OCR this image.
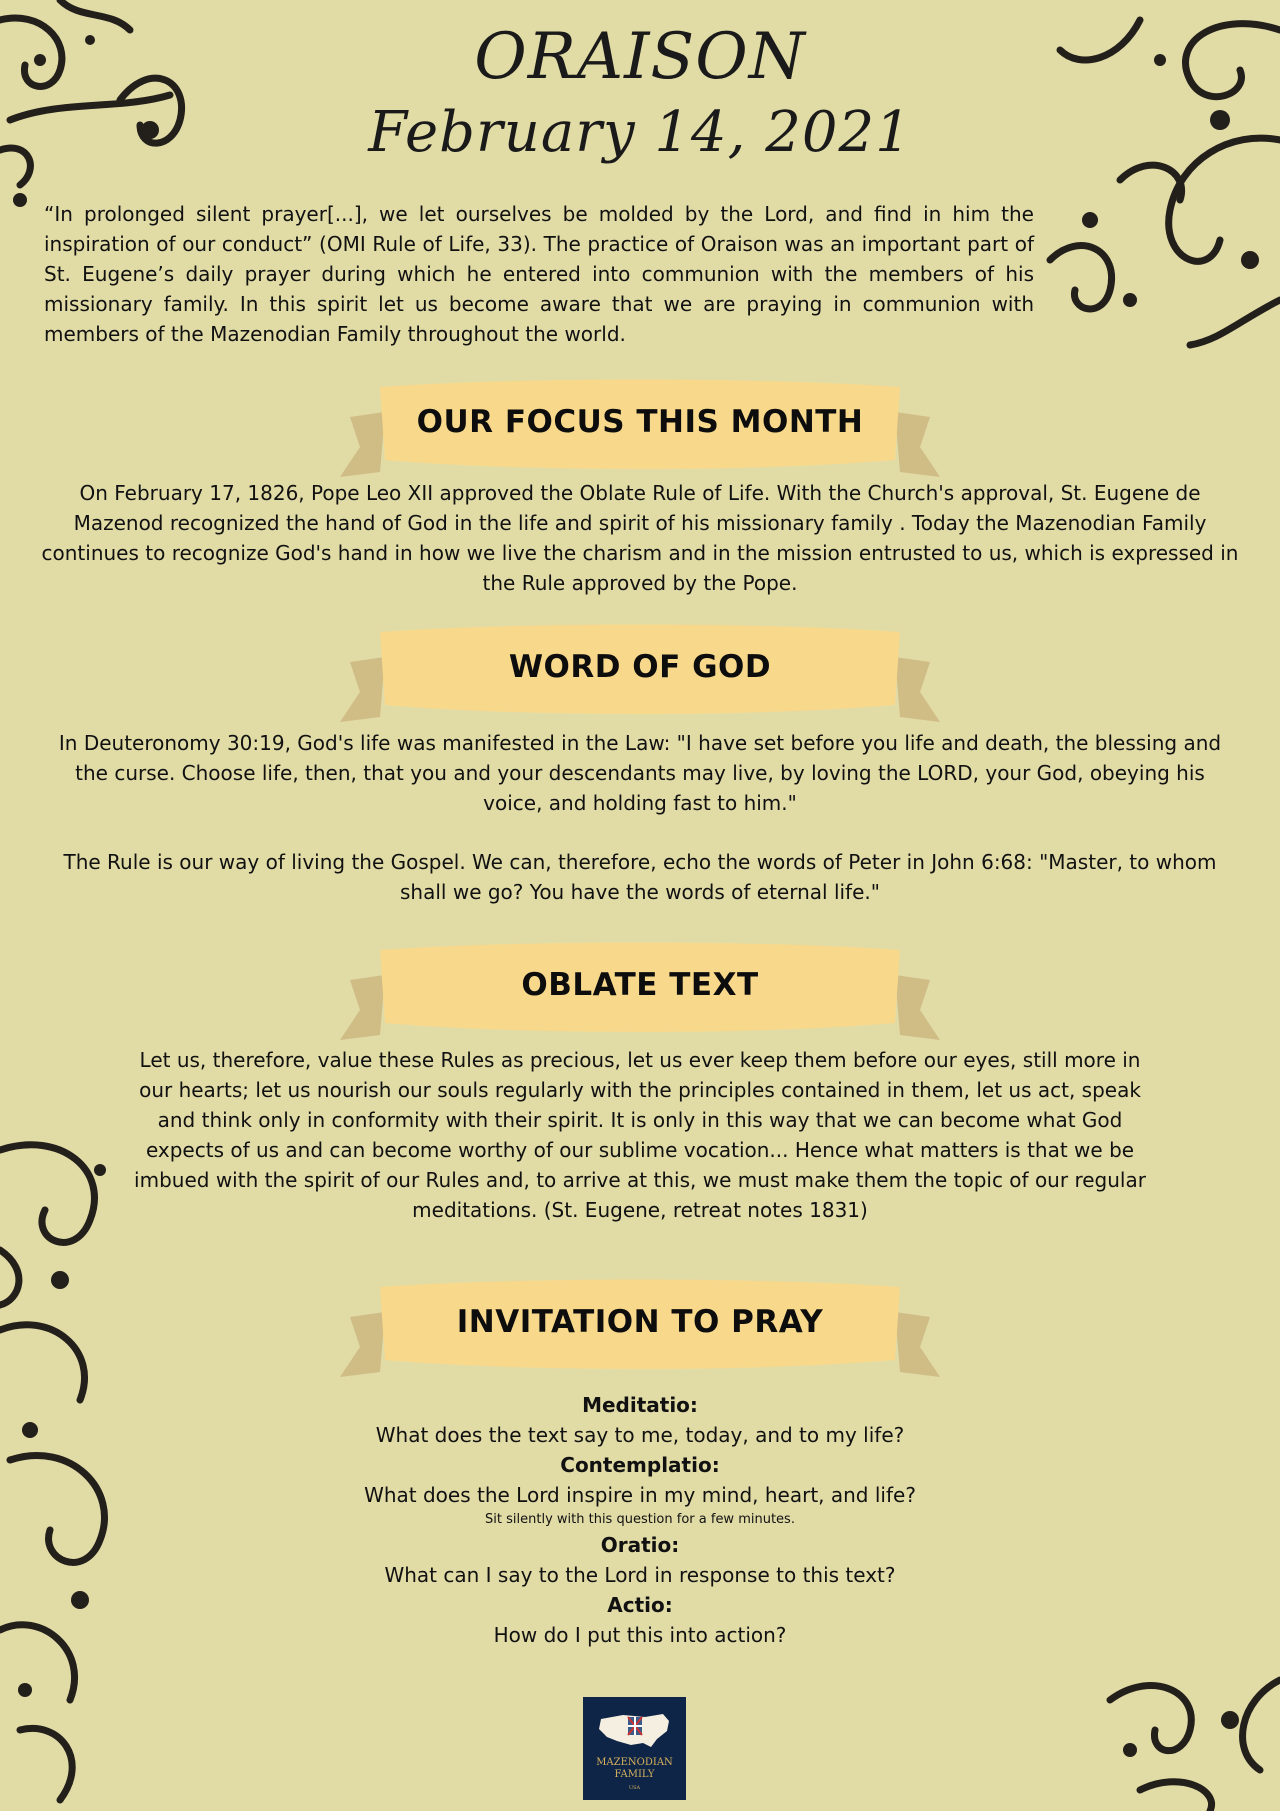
ORAISON
February 14, 2021

“In prolonged silent prayer[...], we let ourselves be molded by the Lord, and find in him the inspiration of our conduct” (OMI Rule of Life, 33). The practice of Oraison was an important part of St. Eugene’s daily prayer during which he entered into communion with the members of his missionary family. In this spirit let us become aware that we are praying in communion with members of the Mazenodian Family throughout the world.

OUR FOCUS THIS MONTH

On February 17, 1826, Pope Leo XII approved the Oblate Rule of Life. With the Church's approval, St. Eugene de Mazenod recognized the hand of God in the life and spirit of his missionary family . Today the Mazenodian Family continues to recognize God's hand in how we live the charism and in the mission entrusted to us, which is expressed in the Rule approved by the Pope.

WORD OF GOD

In Deuteronomy 30:19, God's life was manifested in the Law: "I have set before you life and death, the blessing and the curse. Choose life, then, that you and your descendants may live, by loving the LORD, your God, obeying his voice, and holding fast to him."

The Rule is our way of living the Gospel. We can, therefore, echo the words of Peter in John 6:68: "Master, to whom shall we go? You have the words of eternal life."

OBLATE TEXT

Let us, therefore, value these Rules as precious, let us ever keep them before our eyes, still more in our hearts; let us nourish our souls regularly with the principles contained in them, let us act, speak and think only in conformity with their spirit. It is only in this way that we can become what God expects of us and can become worthy of our sublime vocation... Hence what matters is that we be imbued with the spirit of our Rules and, to arrive at this, we must make them the topic of our regular meditations. (St. Eugene, retreat notes 1831)

INVITATION TO PRAY
Meditatio:
What does the text say to me, today, and to my life?
Contemplatio:
What does the Lord inspire in my mind, heart, and life?
Sit silently with this question for a few minutes.
Oratio:
What can I say to the Lord in response to this text?
Actio:
How do I put this into action?
MAZENODIAN
FAMILY
USA
